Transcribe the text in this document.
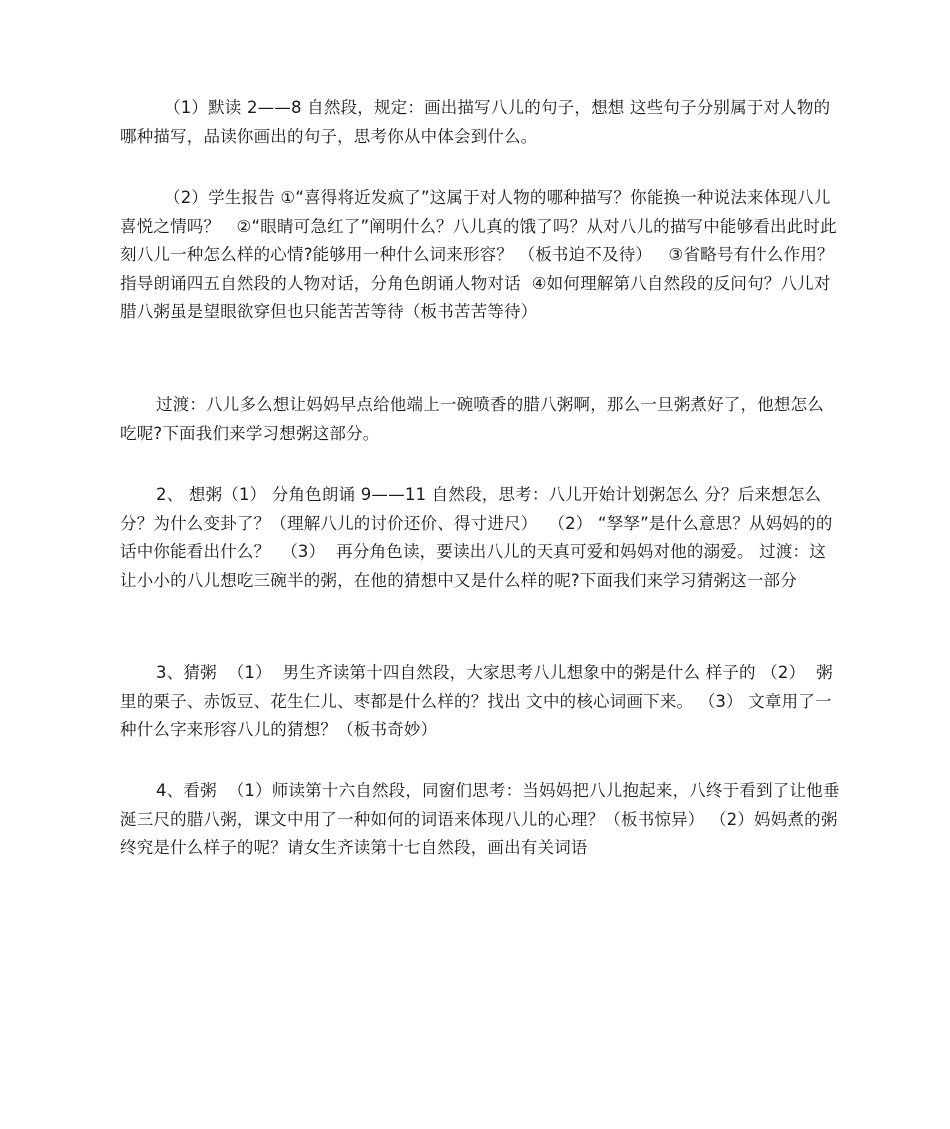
（1）默读 2——8 自然段，规定：画出描写八儿的句子，想想 这些句子分别属于对人物的哪种描写，品读你画出的句子，思考你从中体会到什么。
（2）学生报告 ①“喜得将近发疯了”这属于对人物的哪种描写？你能换一种说法来体现八儿喜悦之情吗？   ②“眼睛可急红了”阐明什么？八儿真的饿了吗？从对八儿的描写中能够看出此时此刻八儿一种怎么样的心情?能够用一种什么词来形容？ （板书迫不及待）   ③省略号有什么作用？指导朗诵四五自然段的人物对话，分角色朗诵人物对话  ④如何理解第八自然段的反问句？八儿对腊八粥虽是望眼欲穿但也只能苦苦等待（板书苦苦等待）
过渡：八儿多么想让妈妈早点给他端上一碗喷香的腊八粥啊，那么一旦粥煮好了，他想怎么吃呢?下面我们来学习想粥这部分。
2、 想粥（1） 分角色朗诵 9——11 自然段，思考：八儿开始计划粥怎么 分？后来想怎么分？为什么变卦了？（理解八儿的讨价还价、得寸进尺）  （2） “孥孥”是什么意思？从妈妈的的话中你能看出什么？  （3）  再分角色读，要读出八儿的天真可爱和妈妈对他的溺爱。 过渡：这让小小的八儿想吃三碗半的粥，在他的猜想中又是什么样的呢?下面我们来学习猜粥这一部分
3、猜粥  （1）  男生齐读第十四自然段，大家思考八儿想象中的粥是什么 样子的 （2）  粥里的栗子、赤饭豆、花生仁儿、枣都是什么样的？找出 文中的核心词画下来。 （3） 文章用了一种什么字来形容八儿的猜想？（板书奇妙）
4、看粥  （1）师读第十六自然段，同窗们思考：当妈妈把八儿抱起来，八终于看到了让他垂涎三尺的腊八粥，课文中用了一种如何的词语来体现八儿的心理？（板书惊异） （2）妈妈煮的粥终究是什么样子的呢？请女生齐读第十七自然段，画出有关词语
